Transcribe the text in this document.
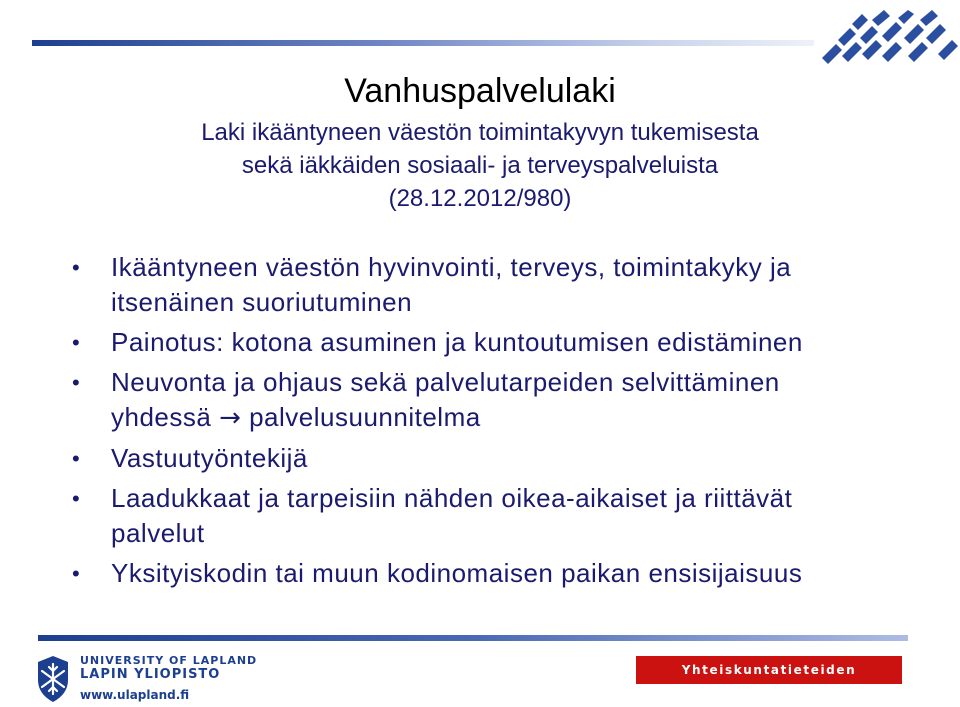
Vanhuspalvelulaki
Laki ikääntyneen väestön toimintakyvyn tukemisesta
sekä iäkkäiden sosiaali- ja terveyspalveluista
(28.12.2012/980)
• Ikääntyneen väestön hyvinvointi, terveys, toimintakyky ja
itsenäinen suoriutuminen
• Painotus: kotona asuminen ja kuntoutumisen edistäminen
• Neuvonta ja ohjaus sekä palvelutarpeiden selvittäminen
yhdessä → palvelusuunnitelma
• Vastuutyöntekijä
• Laadukkaat ja tarpeisiin nähden oikea-aikaiset ja riittävät
palvelut
• Yksityiskodin tai muun kodinomaisen paikan ensisijaisuus
UNIVERSITY OF LAPLAND
LAPIN YLIOPISTO
www.ulapland.fi
Yhteiskuntatieteiden tiedekunta
